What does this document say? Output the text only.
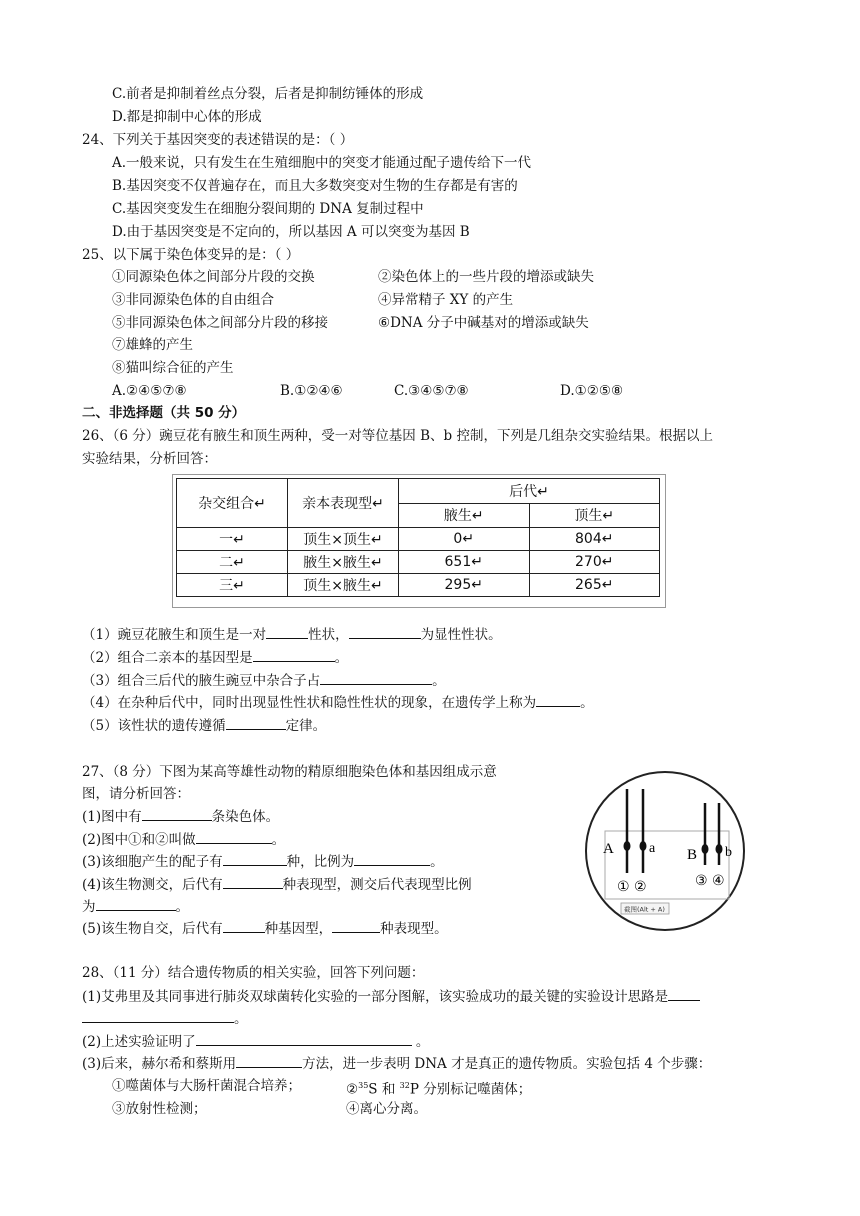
C.前者是抑制着丝点分裂，后者是抑制纺锤体的形成
D.都是抑制中心体的形成
24、下列关于基因突变的表述错误的是：（ ）
A.一般来说，只有发生在生殖细胞中的突变才能通过配子遗传给下一代
B.基因突变不仅普遍存在，而且大多数突变对生物的生存都是有害的
C.基因突变发生在细胞分裂间期的 DNA 复制过程中
D.由于基因突变是不定向的，所以基因 A 可以突变为基因 B
25、以下属于染色体变异的是：（ ）
①同源染色体之间部分片段的交换	②染色体上的一些片段的增添或缺失
③非同源染色体的自由组合	④异常精子 XY 的产生
⑤非同源染色体之间部分片段的移接	⑥DNA 分子中碱基对的增添或缺失
⑦雄蜂的产生
⑧猫叫综合征的产生
A.②④⑤⑦⑧	B.①②④⑥	C.③④⑤⑦⑧	D.①②⑤⑧
二、非选择题（共 50 分）
26、（6 分）豌豆花有腋生和顶生两种，受一对等位基因 B、b 控制，下列是几组杂交实验结果。根据以上
实验结果，分析回答：
杂交组合↵	亲本表现型↵	后代↵	
		腋生↵	顶生↵
一↵	顶生×顶生↵	0↵	804↵
二↵	腋生×腋生↵	651↵	270↵
三↵	顶生×腋生↵	295↵	265↵
（1）豌豆花腋生和顶生是一对	性状，	为显性性状。
（2）组合二亲本的基因型是	。
（3）组合三后代的腋生豌豆中杂合子占	。
（4）在杂种后代中，同时出现显性性状和隐性性状的现象，在遗传学上称为	。
（5）该性状的遗传遵循	定律。
27、（8 分）下图为某高等雄性动物的精原细胞染色体和基因组成示意
图，请分析回答：
(1)图中有	条染色体。
(2)图中①和②叫做	。
(3)该细胞产生的配子有	种，比例为	。
(4)该生物测交，后代有	种表现型，测交后代表现型比例
为	。
(5)该生物自交，后代有	种基因型，	种表现型。
A	a B b
① ②	③ ④
截图(Alt + A)
28、（11 分）结合遗传物质的相关实验，回答下列问题：
(1)艾弗里及其同事进行肺炎双球菌转化实验的一部分图解，该实验成功的最关键的实验设计思路是
。
(2)上述实验证明了	。
(3)后来，赫尔希和蔡斯用	方法，进一步表明 DNA 才是真正的遗传物质。实验包括 4 个步骤：
①噬菌体与大肠杆菌混合培养；	②$^{35}$S 和 $^{32}$P 分别标记噬菌体；
③放射性检测；	④离心分离。
